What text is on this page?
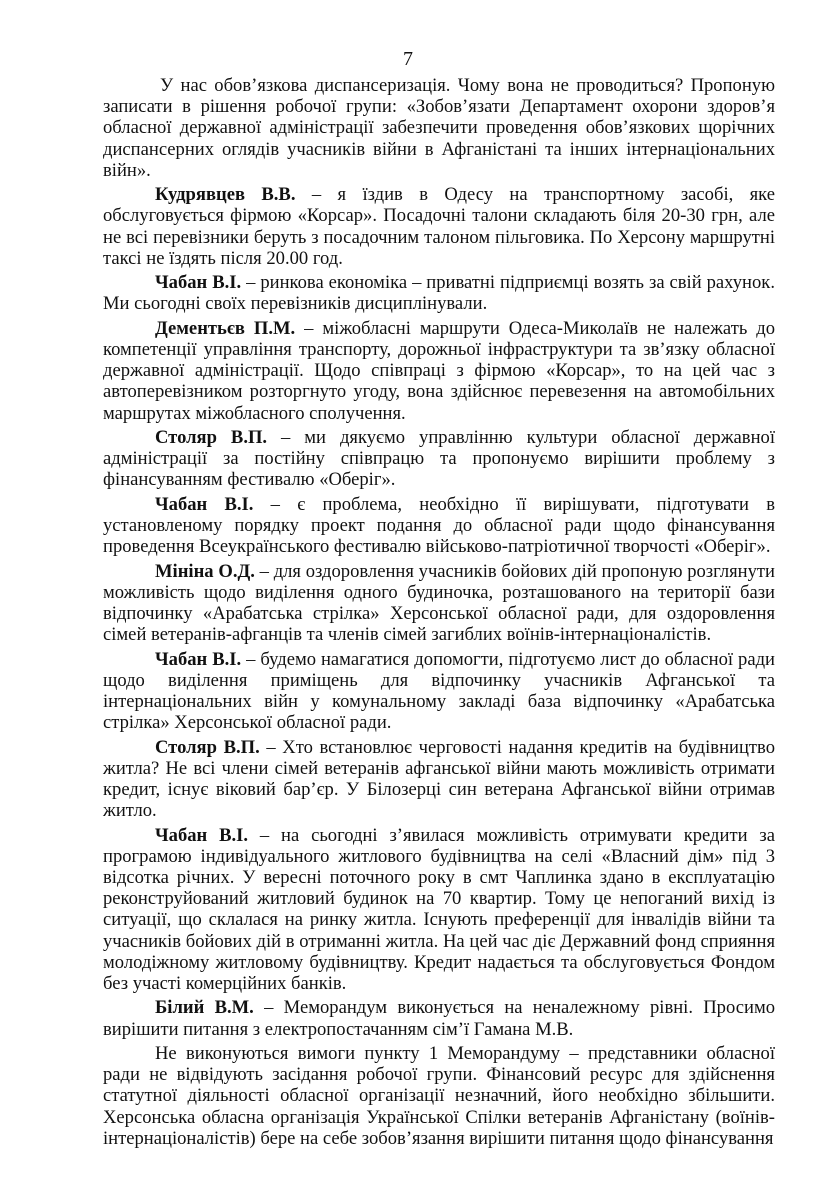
7

У нас обов’язкова диспансеризація. Чому вона не проводиться? Пропоную записати в рішення робочої групи: «Зобов’язати Департамент охорони здоров’я обласної державної адміністрації забезпечити проведення обов’язкових щорічних диспансерних оглядів учасників війни в Афганістані та інших інтернаціональних війн».

Кудрявцев В.В. – я їздив в Одесу на транспортному засобі, яке обслуговується фірмою «Корсар». Посадочні талони складають біля 20-30 грн, але не всі перевізники беруть з посадочним талоном пільговика. По Херсону маршрутні таксі не їздять після 20.00 год.

Чабан В.І. – ринкова економіка – приватні підприємці возять за свій рахунок. Ми сьогодні своїх перевізників дисциплінували.

Дементьєв П.М. – міжобласні маршрути Одеса-Миколаїв не належать до компетенції управління транспорту, дорожньої інфраструктури та зв’язку обласної державної адміністрації. Щодо співпраці з фірмою «Корсар», то на цей час з автоперевізником розторгнуто угоду, вона здійснює перевезення на автомобільних маршрутах міжобласного сполучення.

Столяр В.П. – ми дякуємо управлінню культури обласної державної адміністрації за постійну співпрацю та пропонуємо вирішити проблему з фінансуванням фестивалю «Оберіг».

Чабан В.І. – є проблема, необхідно її вирішувати, підготувати в установленому порядку проект подання до обласної ради щодо фінансування проведення Всеукраїнського фестивалю військово-патріотичної творчості «Оберіг».

Мініна О.Д. – для оздоровлення учасників бойових дій пропоную розглянути можливість щодо виділення одного будиночка, розташованого на території бази відпочинку «Арабатська стрілка» Херсонської обласної ради, для оздоровлення сімей ветеранів-афганців та членів сімей загиблих воїнів-інтернаціоналістів.

Чабан В.І. – будемо намагатися допомогти, підготуємо лист до обласної ради щодо виділення приміщень для відпочинку учасників Афганської та інтернаціональних війн у комунальному закладі база відпочинку «Арабатська стрілка» Херсонської обласної ради.

Столяр В.П. – Хто встановлює черговості надання кредитів на будівництво житла? Не всі члени сімей ветеранів афганської війни мають можливість отримати кредит, існує віковий бар’єр. У Білозерці син ветерана Афганської війни отримав житло.

Чабан В.І. – на сьогодні з’явилася можливість отримувати кредити за програмою індивідуального житлового будівництва на селі «Власний дім» під 3 відсотка річних. У вересні поточного року в смт Чаплинка здано в експлуатацію реконструйований житловий будинок на 70 квартир. Тому це непоганий вихід із ситуації, що склалася на ринку житла. Існують преференції для інвалідів війни та учасників бойових дій в отриманні житла. На цей час діє Державний фонд сприяння молодіжному житловому будівництву. Кредит надається та обслуговується Фондом без участі комерційних банків.

Білий В.М. – Меморандум виконується на неналежному рівні. Просимо вирішити питання з електропостачанням сім’ї Гамана М.В.

Не виконуються вимоги пункту 1 Меморандуму – представники обласної ради не відвідують засідання робочої групи. Фінансовий ресурс для здійснення статутної діяльності обласної організації незначний, його необхідно збільшити. Херсонська обласна організація Української Спілки ветеранів Афганістану (воїнів-інтернаціоналістів) бере на себе зобов’язання вирішити питання щодо фінансування
